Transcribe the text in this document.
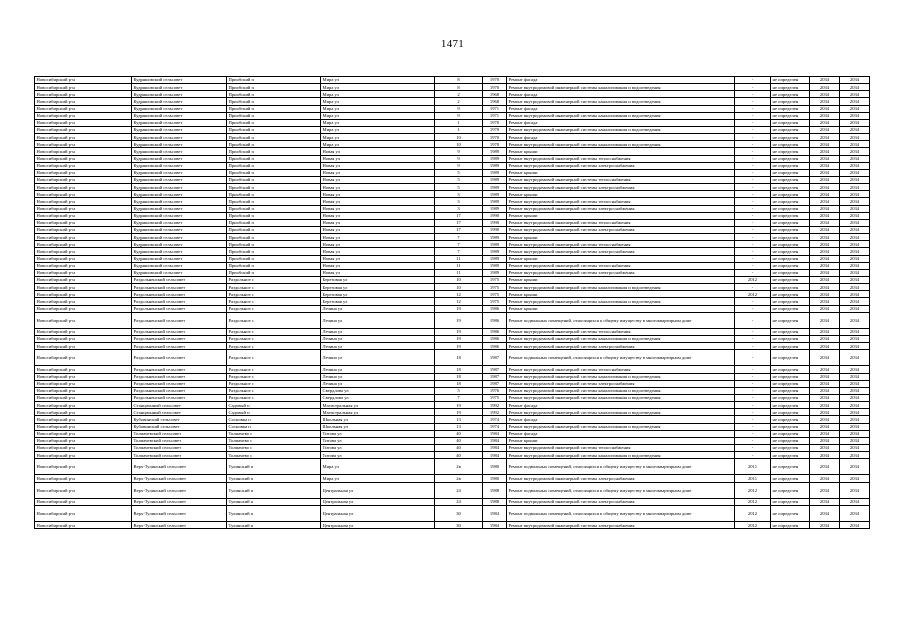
1471
Новосибирский р-н	Кудряшовский сельсовет	Приобский п	Мира ул	8	1970	Ремонт фасада	-	не определен	2034	2034
Новосибирский р-н	Кудряшовский сельсовет	Приобский п	Мира ул	8	1970	Ремонт внутридомовой инженерной системы канализования и водоотведения	-	не определен	2034	2034
Новосибирский р-н	Кудряшовский сельсовет	Приобский п	Мира ул	2	1968	Ремонт фасада	-	не определен	2034	2034
Новосибирский р-н	Кудряшовский сельсовет	Приобский п	Мира ул	2	1968	Ремонт внутридомовой инженерной системы канализования и водоотведения	-	не определен	2034	2034
Новосибирский р-н	Кудряшовский сельсовет	Приобский п	Мира ул	9	1971	Ремонт фасада	-	не определен	2034	2034
Новосибирский р-н	Кудряшовский сельсовет	Приобский п	Мира ул	9	1971	Ремонт внутридомовой инженерной системы канализования и водоотведения	-	не определен	2034	2034
Новосибирский р-н	Кудряшовский сельсовет	Приобский п	Мира ул	1	1970	Ремонт фасада	-	не определен	2034	2034
Новосибирский р-н	Кудряшовский сельсовет	Приобский п	Мира ул	1	1970	Ремонт внутридомовой инженерной системы канализования и водоотведения	-	не определен	2034	2034
Новосибирский р-н	Кудряшовский сельсовет	Приобский п	Мира ул	10	1970	Ремонт фасада	-	не определен	2034	2034
Новосибирский р-н	Кудряшовский сельсовет	Приобский п	Мира ул	10	1970	Ремонт внутридомовой инженерной системы канализования и водоотведения	-	не определен	2034	2034
Новосибирский р-н	Кудряшовский сельсовет	Приобский п	Новая ул	9	1989	Ремонт крыши	-	не определен	2034	2034
Новосибирский р-н	Кудряшовский сельсовет	Приобский п	Новая ул	9	1989	Ремонт внутридомовой инженерной системы теплоснабжения	-	не определен	2034	2034
Новосибирский р-н	Кудряшовский сельсовет	Приобский п	Новая ул	9	1989	Ремонт внутридомовой инженерной системы электроснабжения	-	не определен	2034	2034
Новосибирский р-н	Кудряшовский сельсовет	Приобский п	Новая ул	5	1989	Ремонт крыши	-	не определен	2034	2034
Новосибирский р-н	Кудряшовский сельсовет	Приобский п	Новая ул	5	1989	Ремонт внутридомовой инженерной системы теплоснабжения	-	не определен	2034	2034
Новосибирский р-н	Кудряшовский сельсовет	Приобский п	Новая ул	5	1989	Ремонт внутридомовой инженерной системы электроснабжения	-	не определен	2034	2034
Новосибирский р-н	Кудряшовский сельсовет	Приобский п	Новая ул	3	1989	Ремонт крыши	-	не определен	2034	2034
Новосибирский р-н	Кудряшовский сельсовет	Приобский п	Новая ул	3	1989	Ремонт внутридомовой инженерной системы теплоснабжения	-	не определен	2034	2034
Новосибирский р-н	Кудряшовский сельсовет	Приобский п	Новая ул	3	1989	Ремонт внутридомовой инженерной системы электроснабжения	-	не определен	2034	2034
Новосибирский р-н	Кудряшовский сельсовет	Приобский п	Новая ул	17	1990	Ремонт крыши	-	не определен	2034	2034
Новосибирский р-н	Кудряшовский сельсовет	Приобский п	Новая ул	17	1990	Ремонт внутридомовой инженерной системы теплоснабжения	-	не определен	2034	2034
Новосибирский р-н	Кудряшовский сельсовет	Приобский п	Новая ул	17	1990	Ремонт внутридомовой инженерной системы электроснабжения	-	не определен	2034	2034
Новосибирский р-н	Кудряшовский сельсовет	Приобский п	Новая ул	7	1989	Ремонт крыши	-	не определен	2034	2034
Новосибирский р-н	Кудряшовский сельсовет	Приобский п	Новая ул	7	1989	Ремонт внутридомовой инженерной системы теплоснабжения	-	не определен	2034	2034
Новосибирский р-н	Кудряшовский сельсовет	Приобский п	Новая ул	7	1989	Ремонт внутридомовой инженерной системы электроснабжения	-	не определен	2034	2034
Новосибирский р-н	Кудряшовский сельсовет	Приобский п	Новая ул	11	1989	Ремонт крыши	-	не определен	2034	2034
Новосибирский р-н	Кудряшовский сельсовет	Приобский п	Новая ул	11	1989	Ремонт внутридомовой инженерной системы теплоснабжения	-	не определен	2034	2034
Новосибирский р-н	Кудряшовский сельсовет	Приобский п	Новая ул	11	1989	Ремонт внутридомовой инженерной системы электроснабжения	-	не определен	2034	2034
Новосибирский р-н	Раздольненский сельсовет	Раздольное с	Березовая ул	10	1975	Ремонт крыши	2012	не определен	2034	2034
Новосибирский р-н	Раздольненский сельсовет	Раздольное с	Березовая ул	10	1975	Ремонт внутридомовой инженерной системы канализования и водоотведения	-	не определен	2034	2034
Новосибирский р-н	Раздольненский сельсовет	Раздольное с	Березовая ул	12	1975	Ремонт крыши	2012	не определен	2034	2034
Новосибирский р-н	Раздольненский сельсовет	Раздольное с	Березовая ул	12	1975	Ремонт внутридомовой инженерной системы канализования и водоотведения	-	не определен	2034	2034
Новосибирский р-н	Раздольненский сельсовет	Раздольное с	Лечина ул	19	1986	Ремонт крыши	-	не определен	2034	2034
Новосибирский р-н	Раздольненский сельсовет	Раздольное с	Лечина ул	19	1986	Ремонт подвальных помещений, относящихся к общему имуществу в многоквартирном доме	-	не определен	2034	2034
Новосибирский р-н	Раздольненский сельсовет	Раздольное с	Лечина ул	19	1986	Ремонт внутридомовой инженерной системы теплоснабжения	-	не определен	2034	2034
Новосибирский р-н	Раздольненский сельсовет	Раздольное с	Лечина ул	19	1986	Ремонт внутридомовой инженерной системы канализования и водоотведения	-	не определен	2034	2034
Новосибирский р-н	Раздольненский сельсовет	Раздольное с	Лечина ул	19	1986	Ремонт внутридомовой инженерной системы электроснабжения	-	не определен	2034	2034
Новосибирский р-н	Раздольненский сельсовет	Раздольное с	Лечина ул	18	1987	Ремонт подвальных помещений, относящихся к общему имуществу в многоквартирном доме	-	не определен	2034	2034
Новосибирский р-н	Раздольненский сельсовет	Раздольное с	Лечина ул	18	1987	Ремонт внутридомовой инженерной системы теплоснабжения	-	не определен	2034	2034
Новосибирский р-н	Раздольненский сельсовет	Раздольное с	Лечина ул	18	1987	Ремонт внутридомовой инженерной системы канализования и водоотведения	-	не определен	2034	2034
Новосибирский р-н	Раздольненский сельсовет	Раздольное с	Лечина ул	18	1987	Ремонт внутридомовой инженерной системы электроснабжения	-	не определен	2034	2034
Новосибирский р-н	Раздольненский сельсовет	Раздольное с	Свердлова ул	5	1976	Ремонт внутридомовой инженерной системы канализования и водоотведения	-	не определен	2034	2034
Новосибирский р-н	Раздольненский сельсовет	Раздольное с	Свердлова ул	7	1975	Ремонт внутридомовой инженерной системы канализования и водоотведения	-	не определен	2034	2034
Новосибирский р-н	Станционный сельсовет	Садовый п	Магистральная ул	19	1992	Ремонт фасада	-	не определен	2034	2034
Новосибирский р-н	Станционный сельсовет	Садовый п	Магистральная ул	19	1992	Ремонт внутридомовой инженерной системы канализования и водоотведения	-	не определен	2034	2034
Новосибирский р-н	Кубовинский сельсовет	Сосновка п	Школьная ул	13	1974	Ремонт фасада	-	не определен	2034	2034
Новосибирский р-н	Кубовинский сельсовет	Сосновка п	Школьная ул	13	1974	Ремонт внутридомовой инженерной системы канализования и водоотведения	-	не определен	2034	2034
Новосибирский р-н	Толмачевский сельсовет	Толмачево с	Титова ул	40	1984	Ремонт фасада	-	не определен	2034	2034
Новосибирский р-н	Толмачевский сельсовет	Толмачево с	Титова ул	40	1984	Ремонт крыши	-	не определен	2034	2034
Новосибирский р-н	Толмачевский сельсовет	Толмачево с	Титова ул	40	1984	Ремонт внутридомовой инженерной системы теплоснабжения	-	не определен	2034	2034
Новосибирский р-н	Толмачевский сельсовет	Толмачево с	Титова ул	40	1984	Ремонт внутридомовой инженерной системы канализования и водоотведения	-	не определен	2034	2034
Новосибирский р-н	Верх-Тулинский сельсовет	Тулинский п	Мира ул	2в	1980	Ремонт подвальных помещений, относящихся к общему имуществу в многоквартирном доме	2011	не определен	2034	2034
Новосибирский р-н	Верх-Тулинский сельсовет	Тулинский п	Мира ул	2в	1980	Ремонт внутридомовой инженерной системы электроснабжения	2011	не определен	2034	2034
Новосибирский р-н	Верх-Тулинский сельсовет	Тулинский п	Центральная ул	24	1988	Ремонт подвальных помещений, относящихся к общему имуществу в многоквартирном доме	2012	не определен	2034	2034
Новосибирский р-н	Верх-Тулинский сельсовет	Тулинский п	Центральная ул	24	1988	Ремонт внутридомовой инженерной системы электроснабжения	2012	не определен	2034	2034
Новосибирский р-н	Верх-Тулинский сельсовет	Тулинский п	Центральная ул	30	1984	Ремонт подвальных помещений, относящихся к общему имуществу в многоквартирном доме	2012	не определен	2034	2034
Новосибирский р-н	Верх-Тулинский сельсовет	Тулинский п	Центральная ул	30	1984	Ремонт внутридомовой инженерной системы электроснабжения	2012	не определен	2034	2034
